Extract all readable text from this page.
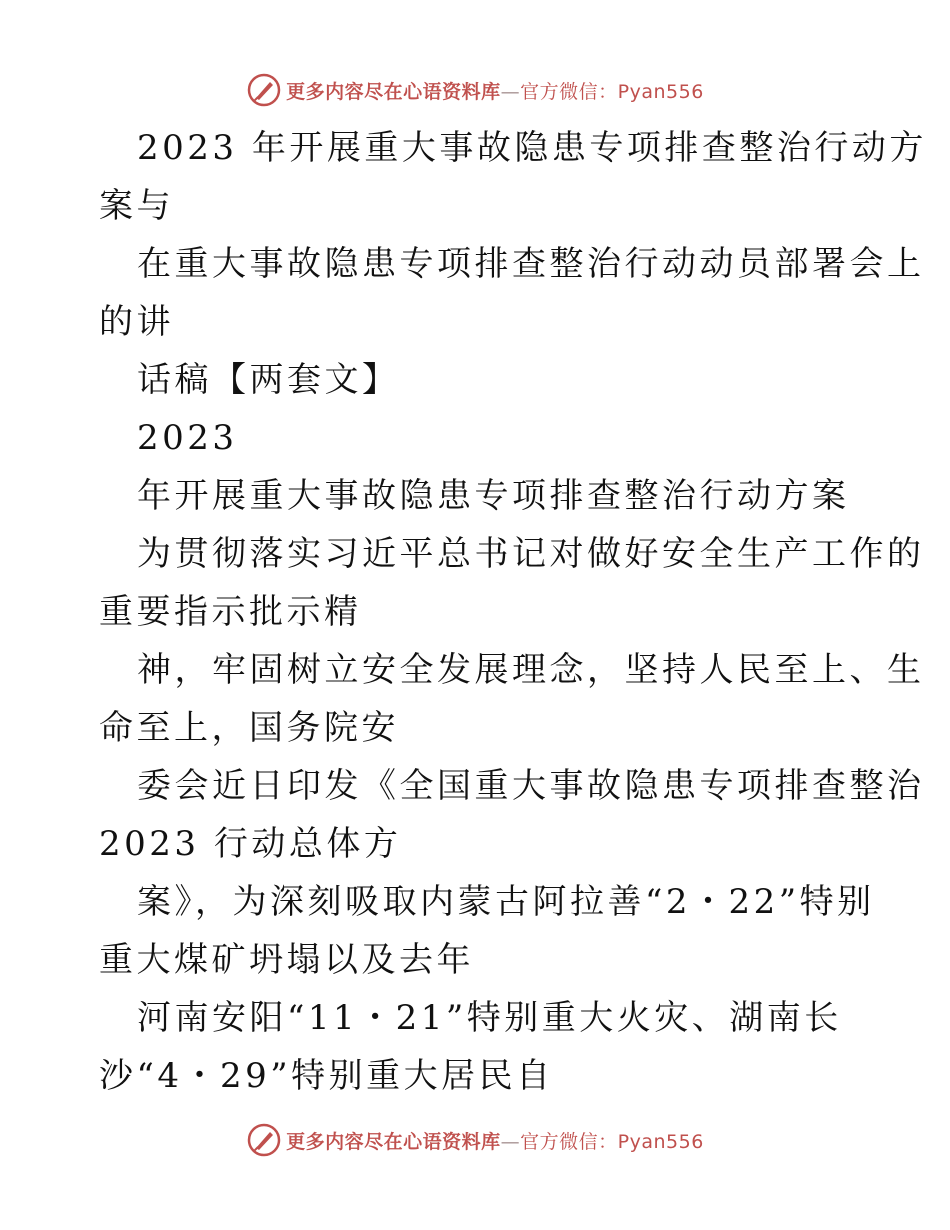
更多内容尽在心语资料库—官方微信：Pyan556
2023 年开展重大事故隐患专项排查整治行动方
案与
在重大事故隐患专项排查整治行动动员部署会上
的讲
话稿【两套文】
2023
年开展重大事故隐患专项排查整治行动方案
为贯彻落实习近平总书记对做好安全生产工作的
重要指示批示精
神，牢固树立安全发展理念，坚持人民至上、生
命至上，国务院安
委会近日印发《全国重大事故隐患专项排查整治
2023 行动总体方
案》，为深刻吸取内蒙古阿拉善“2・22”特别
重大煤矿坍塌以及去年
河南安阳“11・21”特别重大火灾、湖南长
沙“4・29”特别重大居民自
更多内容尽在心语资料库—官方微信：Pyan556
